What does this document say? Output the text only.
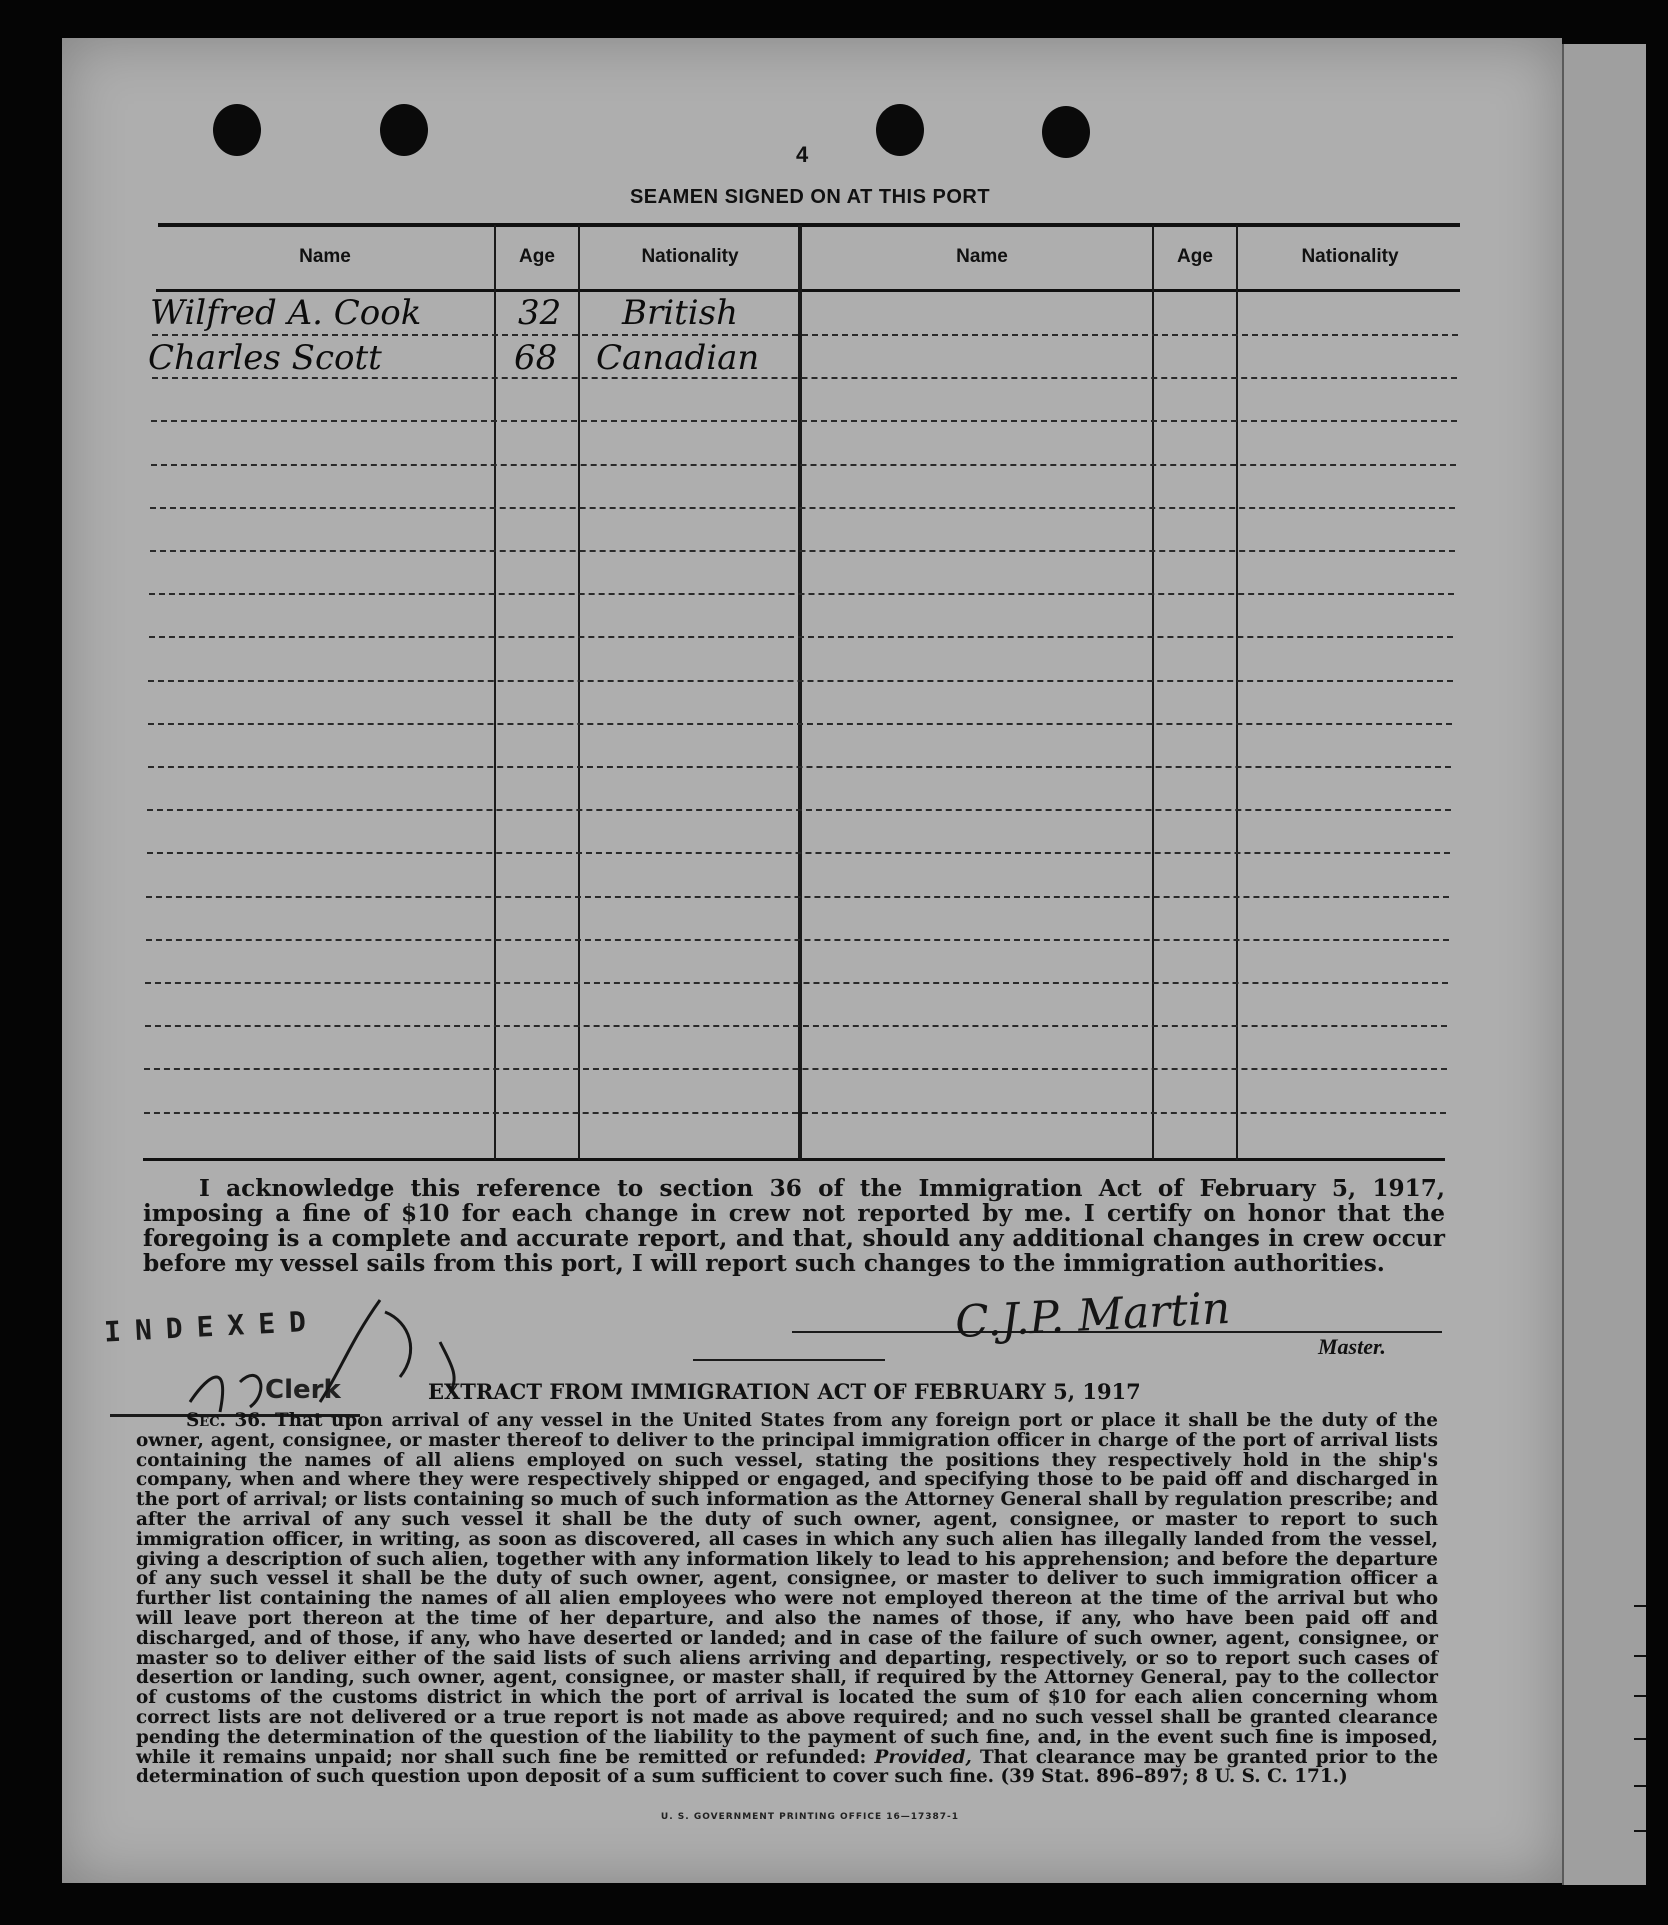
4
SEAMEN SIGNED ON AT THIS PORT
Name	Age	Nationality	Name	Age	Nationality
Wilfred A. Cook	32 British
Charles Scott	68 Canadian
I acknowledge this reference to section 36 of the Immigration Act of February 5, 1917, imposing a fine of $10 for each change in crew not reported by me. I certify on honor that the foregoing is a complete and accurate report, and that, should any additional changes in crew occur before my vessel sails from this port, I will report such changes to the immigration authorities.
C.J.P. Martin	Master.
INDEXED
Clerk	EXTRACT FROM IMMIGRATION ACT OF FEBRUARY 5, 1917
Sec. 36. That upon arrival of any vessel in the United States from any foreign port or place it shall be the duty of the owner, agent, consignee, or master thereof to deliver to the principal immigration officer in charge of the port of arrival lists containing the names of all aliens employed on such vessel, stating the positions they respectively hold in the ship's company, when and where they were respectively shipped or engaged, and specifying those to be paid off and discharged in the port of arrival; or lists containing so much of such information as the Attorney General shall by regulation prescribe; and after the arrival of any such vessel it shall be the duty of such owner, agent, consignee, or master to report to such immigration officer, in writing, as soon as discovered, all cases in which any such alien has illegally landed from the vessel, giving a description of such alien, together with any information likely to lead to his apprehension; and before the departure of any such vessel it shall be the duty of such owner, agent, consignee, or master to deliver to such immigration officer a further list containing the names of all alien employees who were not employed thereon at the time of the arrival but who will leave port thereon at the time of her departure, and also the names of those, if any, who have been paid off and discharged, and of those, if any, who have deserted or landed; and in case of the failure of such owner, agent, consignee, or master so to deliver either of the said lists of such aliens arriving and departing, respectively, or so to report such cases of desertion or landing, such owner, agent, consignee, or master shall, if required by the Attorney General, pay to the collector of customs of the customs district in which the port of arrival is located the sum of $10 for each alien concerning whom correct lists are not delivered or a true report is not made as above required; and no such vessel shall be granted clearance pending the determination of the question of the liability to the payment of such fine, and, in the event such fine is imposed, while it remains unpaid; nor shall such fine be remitted or refunded: Provided, That clearance may be granted prior to the determination of such question upon deposit of a sum sufficient to cover such fine. (39 Stat. 896–897; 8 U. S. C. 171.)
U. S. GOVERNMENT PRINTING OFFICE 16—17387-1
